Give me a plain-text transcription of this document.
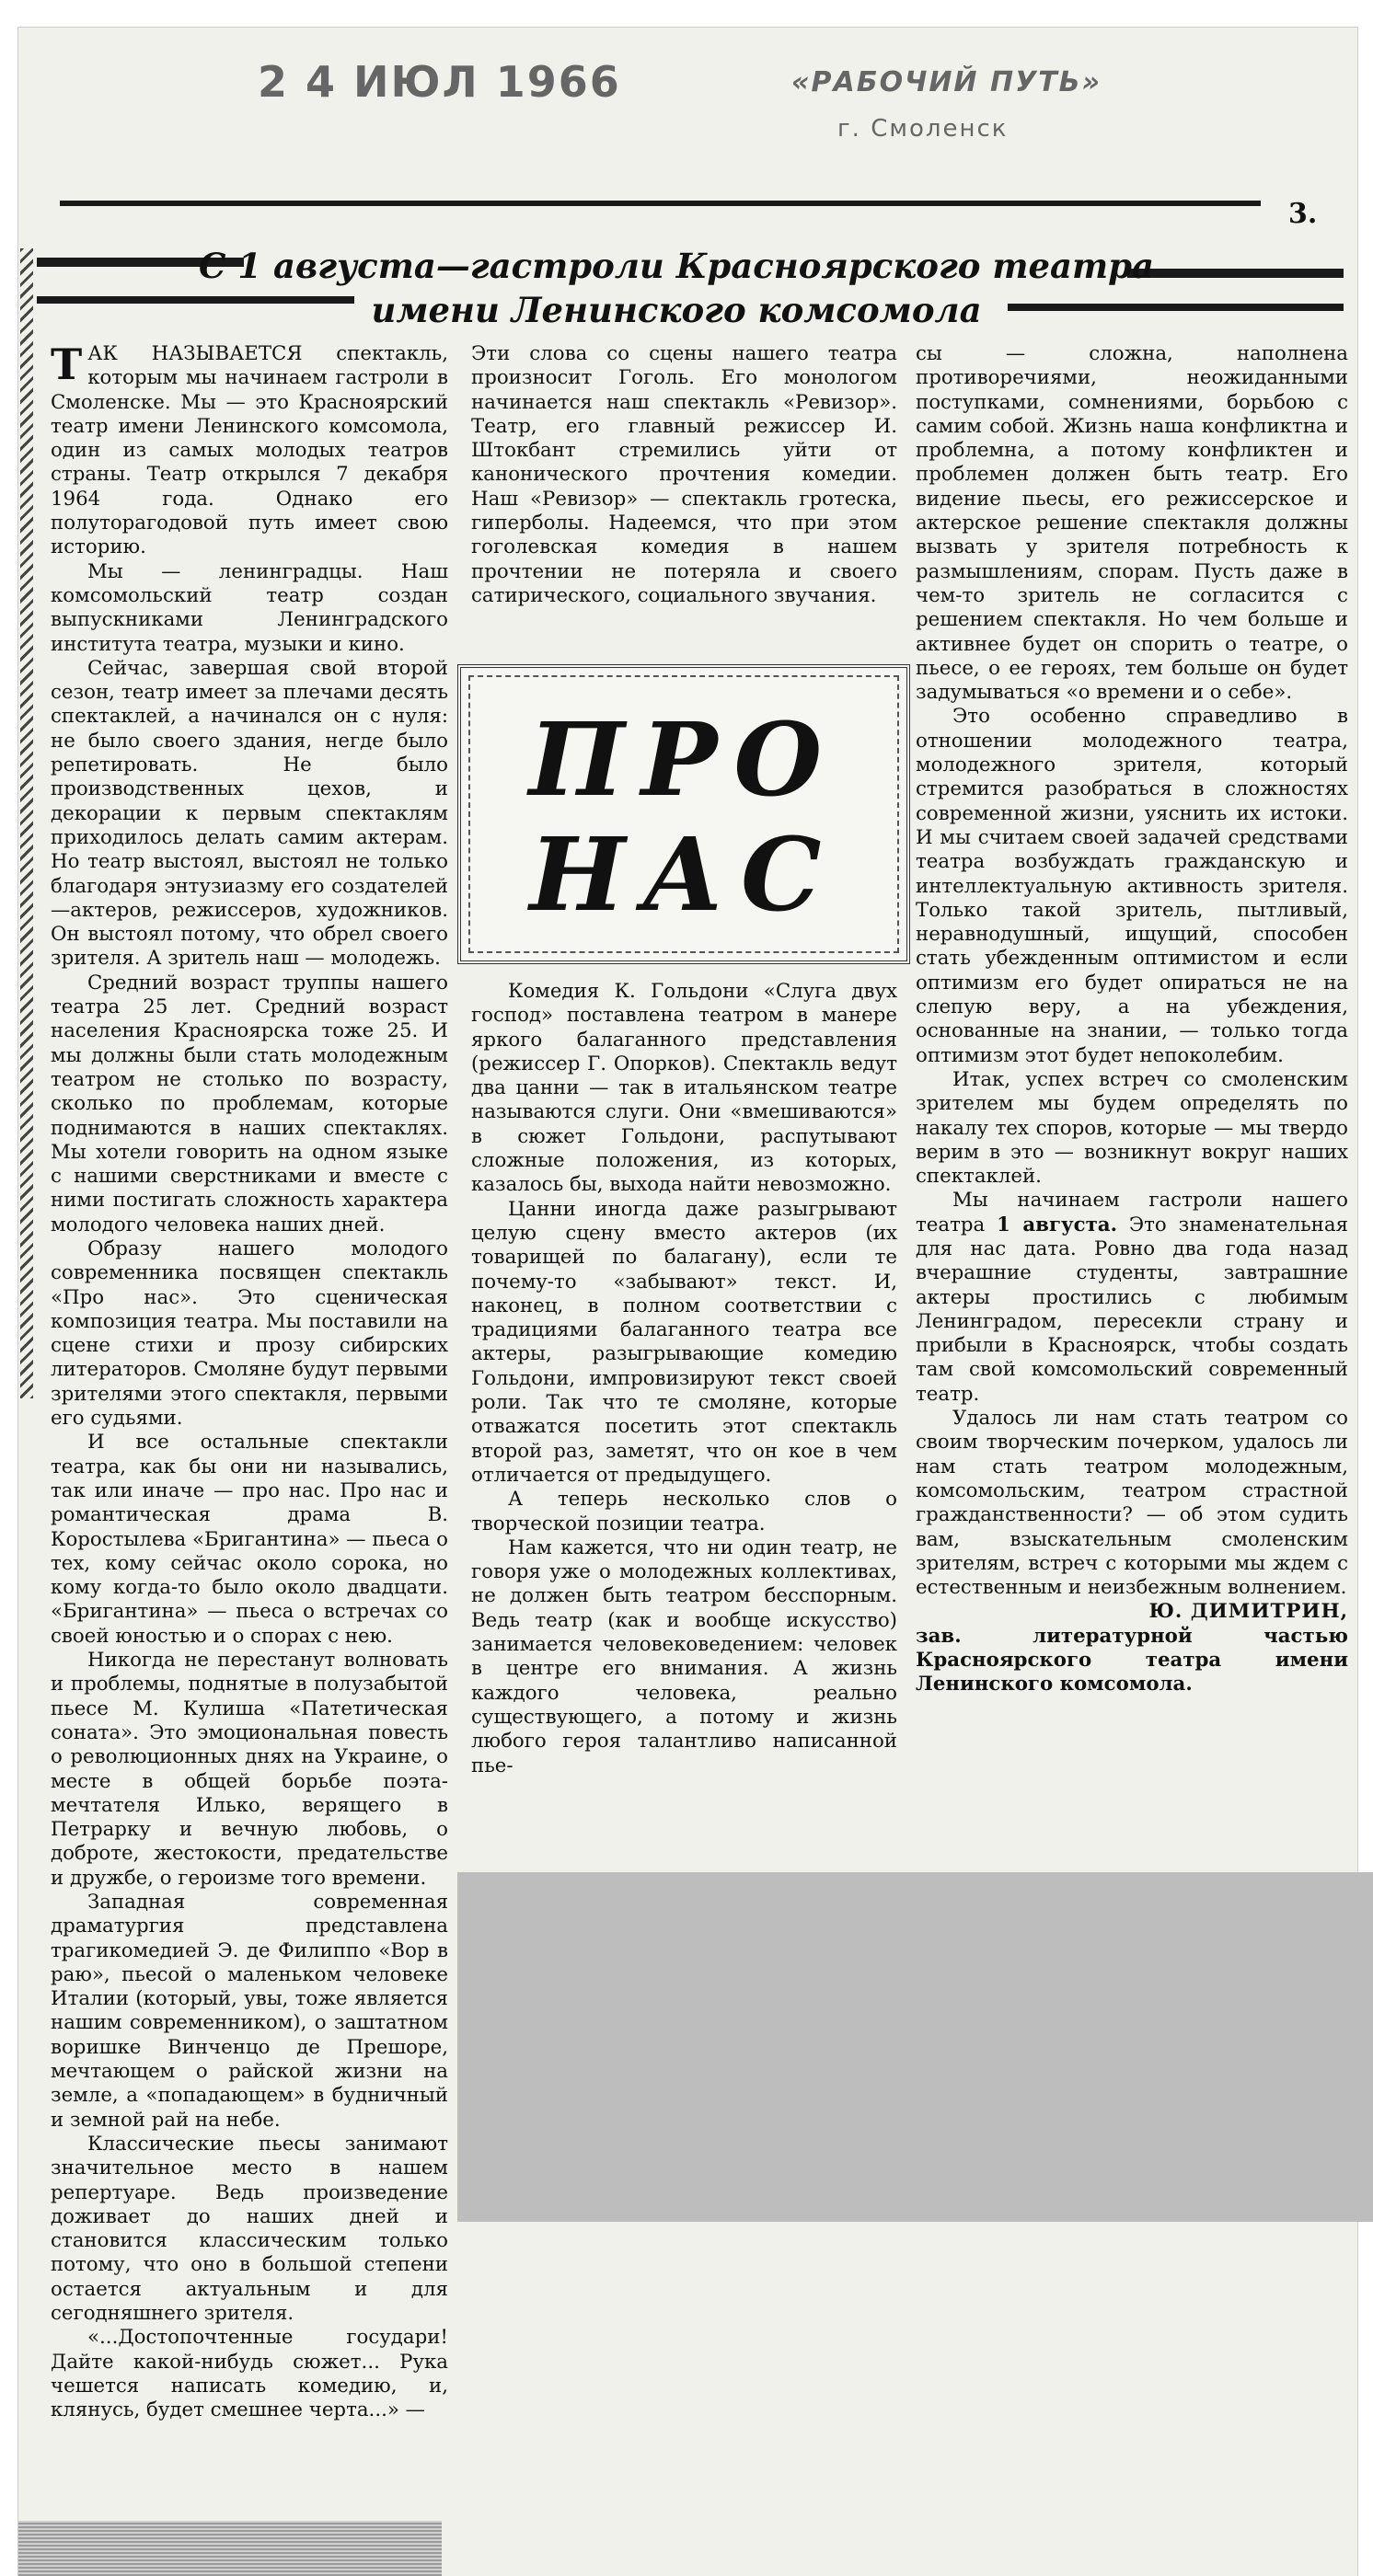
2 4 ИЮЛ 1966	«РАБОЧИЙ ПУТЬ»
г. Смоленск
3.
С 1 августа—гастроли Красноярского театра
имени Ленинского комсомола

ТАК НАЗЫВАЕТСЯ спектакль, которым мы начинаем гастроли в Смоленске. Мы — это Красноярский театр имени Ленинского комсомола, один из самых молодых театров страны. Театр открылся 7 декабря 1964 года. Однако его полуторагодовой путь имеет свою историю.

Мы — ленинградцы. Наш комсомольский театр создан выпускниками Ленинградского института театра, музыки и кино.

Сейчас, завершая свой второй сезон, театр имеет за плечами десять спектаклей, а начинался он с нуля: не было своего здания, негде было репетировать. Не было производственных цехов, и декорации к первым спектаклям приходилось делать самим актерам. Но театр выстоял, выстоял не только благодаря энтузиазму его создателей—актеров, режиссеров, художников. Он выстоял потому, что обрел своего зрителя. А зритель наш — молодежь.

Средний возраст труппы нашего театра 25 лет. Средний возраст населения Красноярска тоже 25. И мы должны были стать молодежным театром не столько по возрасту, сколько по проблемам, которые поднимаются в наших спектаклях. Мы хотели говорить на одном языке с нашими сверстниками и вместе с ними постигать сложность характера молодого человека наших дней.

Образу нашего молодого современника посвящен спектакль «Про нас». Это сценическая композиция театра. Мы поставили на сцене стихи и прозу сибирских литераторов. Смоляне будут первыми зрителями этого спектакля, первыми его судьями.

И все остальные спектакли театра, как бы они ни назывались, так или иначе — про нас. Про нас и романтическая драма В. Коростылева «Бригантина» — пьеса о тех, кому сейчас около сорока, но кому когда-то было около двадцати. «Бригантина» — пьеса о встречах со своей юностью и о спорах с нею.

Никогда не перестанут волновать и проблемы, поднятые в полузабытой пьесе М. Кулиша «Патетическая соната». Это эмоциональная повесть о революционных днях на Украине, о месте в общей борьбе поэта-мечтателя Илько, верящего в Петрарку и вечную любовь, о доброте, жестокости, предательстве и дружбе, о героизме того времени.

Западная современная драматургия представлена трагикомедией Э. де Филиппо «Вор в раю», пьесой о маленьком человеке Италии (который, увы, тоже является нашим современником), о заштатном воришке Винченцо де Прешоре, мечтающем о райской жизни на земле, а «попадающем» в будничный и земной рай на небе.

Классические пьесы занимают значительное место в нашем репертуаре. Ведь произведение доживает до наших дней и становится классическим только потому, что оно в большой степени остается актуальным и для сегодняшнего зрителя.

«...Достопочтенные государи! Дайте какой-нибудь сюжет... Рука чешется написать комедию, и, клянусь, будет смешнее черта...» —

Эти слова со сцены нашего театра произносит Гоголь. Его монологом начинается наш спектакль «Ревизор». Театр, его главный режиссер И. Штокбант стремились уйти от канонического прочтения комедии. Наш «Ревизор» — спектакль гротеска, гиперболы. Надеемся, что при этом гоголевская комедия в нашем прочтении не потеряла и своего сатирического, социального звучания.

ПРО
НАС

Комедия К. Гольдони «Слуга двух господ» поставлена театром в манере яркого балаганного представления (режиссер Г. Опорков). Спектакль ведут два цанни — так в итальянском театре называются слуги. Они «вмешиваются» в сюжет Гольдони, распутывают сложные положения, из которых, казалось бы, выхода найти невозможно.

Цанни иногда даже разыгрывают целую сцену вместо актеров (их товарищей по балагану), если те почему-то «забывают» текст. И, наконец, в полном соответствии с традициями балаганного театра все актеры, разыгрывающие комедию Гольдони, импровизируют текст своей роли. Так что те смоляне, которые отважатся посетить этот спектакль второй раз, заметят, что он кое в чем отличается от предыдущего.

А теперь несколько слов о творческой позиции театра.

Нам кажется, что ни один театр, не говоря уже о молодежных коллективах, не должен быть театром бесспорным. Ведь театр (как и вообще искусство) занимается человековедением: человек в центре его внимания. А жизнь каждого человека, реально существующего, а потому и жизнь любого героя талантливо написанной пье-

сы — сложна, наполнена противоречиями, неожиданными поступками, сомнениями, борьбою с самим собой. Жизнь наша конфликтна и проблемна, а потому конфликтен и проблемен должен быть театр. Его видение пьесы, его режиссерское и актерское решение спектакля должны вызвать у зрителя потребность к размышлениям, спорам. Пусть даже в чем-то зритель не согласится с решением спектакля. Но чем больше и активнее будет он спорить о театре, о пьесе, о ее героях, тем больше он будет задумываться «о времени и о себе».

Это особенно справедливо в отношении молодежного театра, молодежного зрителя, который стремится разобраться в сложностях современной жизни, уяснить их истоки. И мы считаем своей задачей средствами театра возбуждать гражданскую и интеллектуальную активность зрителя. Только такой зритель, пытливый, неравнодушный, ищущий, способен стать убежденным оптимистом и если оптимизм его будет опираться не на слепую веру, а на убеждения, основанные на знании, — только тогда оптимизм этот будет непоколебим.

Итак, успех встреч со смоленским зрителем мы будем определять по накалу тех споров, которые — мы твердо верим в это — возникнут вокруг наших спектаклей.

Мы начинаем гастроли нашего театра 1 августа. Это знаменательная для нас дата. Ровно два года назад вчерашние студенты, завтрашние актеры простились с любимым Ленинградом, пересекли страну и прибыли в Красноярск, чтобы создать там свой комсомольский современный театр.

Удалось ли нам стать театром со своим творческим почерком, удалось ли нам стать театром молодежным, комсомольским, театром страстной гражданственности? — об этом судить вам, взыскательным смоленским зрителям, встреч с которыми мы ждем с естественным и неизбежным волнением.

Ю. ДИМИТРИН,

зав. литературной частью Красноярского театра имени Ленинского комсомола.
